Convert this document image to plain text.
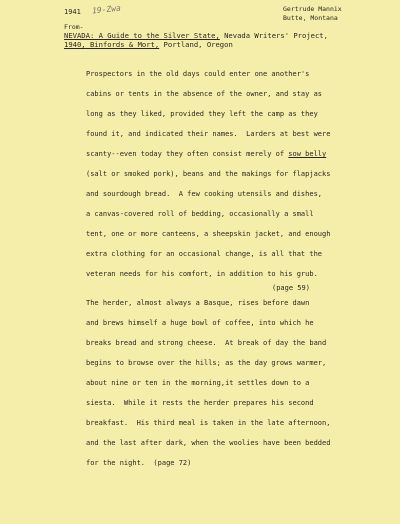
1941 19-Zwa	Gertrude Mannix
Butte, Montana
From-
NEVADA: A Guide to the Silver State, Nevada Writers' Project,
1940, Binfords & Mort, Portland, Oregon
Prospectors in the old days could enter one another's
cabins or tents in the absence of the owner, and stay as
long as they liked, provided they left the camp as they
found it, and indicated their names.  Larders at best were
scanty--even today they often consist merely of sow belly
(salt or smoked pork), beans and the makings for flapjacks
and sourdough bread.  A few cooking utensils and dishes,
a canvas-covered roll of bedding, occasionally a small
tent, one or more canteens, a sheepskin jacket, and enough
extra clothing for an occasional change, is all that the
veteran needs for his comfort, in addition to his grub.
(page 59)
The herder, almost always a Basque, rises before dawn
and brews himself a huge bowl of coffee, into which he
breaks bread and strong cheese.  At break of day the band
begins to browse over the hills; as the day grows warmer,
about nine or ten in the morning,it settles down to a
siesta.  While it rests the herder prepares his second
breakfast.  His third meal is taken in the late afternoon,
and the last after dark, when the woolies have been bedded
for the night.  (page 72)
